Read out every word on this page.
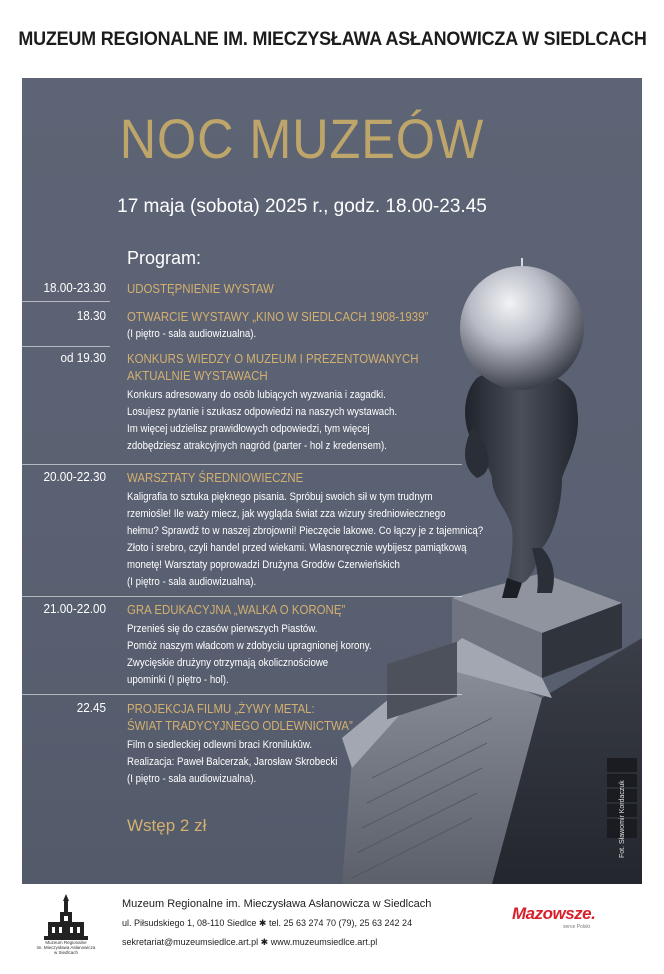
MUZEUM REGIONALNE IM. MIECZYSŁAWA ASŁANOWICZA W SIEDLCACH
NOC MUZEÓW
17 maja (sobota) 2025 r., godz. 18.00-23.45
Program:
18.00-23.30 UDOSTĘPNIENIE WYSTAW
18.30 OTWARCIE WYSTAWY „KINO W SIEDLCACH 1908-1939”
(I piętro - sala audiowizualna).
od 19.30 KONKURS WIEDZY O MUZEUM I PREZENTOWANYCH
AKTUALNIE WYSTAWACH
Konkurs adresowany do osób lubiących wyzwania i zagadki.
Losujesz pytanie i szukasz odpowiedzi na naszych wystawach.
Im więcej udzielisz prawidłowych odpowiedzi, tym więcej
zdobędziesz atrakcyjnych nagród (parter - hol z kredensem).
20.00-22.30 WARSZTATY ŚREDNIOWIECZNE
Kaligrafia to sztuka pięknego pisania. Spróbuj swoich sił w tym trudnym
rzemiośle! Ile waży miecz, jak wygląda świat zza wizury średniowiecznego
hełmu? Sprawdź to w naszej zbrojowni! Pieczęcie lakowe. Co łączy je z tajemnicą?
Złoto i srebro, czyli handel przed wiekami. Własnoręcznie wybijesz pamiątkową
monetę! Warsztaty poprowadzi Drużyna Grodów Czerwieńskich
(I piętro - sala audiowizualna).
21.00-22.00 GRA EDUKACYJNA „WALKA O KORONĘ”
Przenieś się do czasów pierwszych Piastów.
Pomóż naszym władcom w zdobyciu upragnionej korony.
Zwycięskie drużyny otrzymają okolicznościowe
upominki (I piętro - hol).
22.45 PROJEKCJA FILMU „ŻYWY METAL:
ŚWIAT TRADYCYJNEGO ODLEWNICTWA”
Film o siedleckiej odlewni braci Kronilukûw.
Realizacja: Paweł Balcerzak, Jarosław Skrobecki
(I piętro - sala audiowizualna).
Wstęp 2 zł	Fot. Sławomir Kordaczuk
Muzeum Regionalne
im. Mieczysława Asłanowicza
w Siedlcach
Muzeum Regionalne im. Mieczysława Asłanowicza w Siedlcach
ul. Piłsudskiego 1, 08-110 Siedlce ✱ tel. 25 63 274 70 (79), 25 63 242 24
sekretariat@muzeumsiedlce.art.pl ✱ www.muzeumsiedlce.art.pl
Mazowsze.
serce Polski
